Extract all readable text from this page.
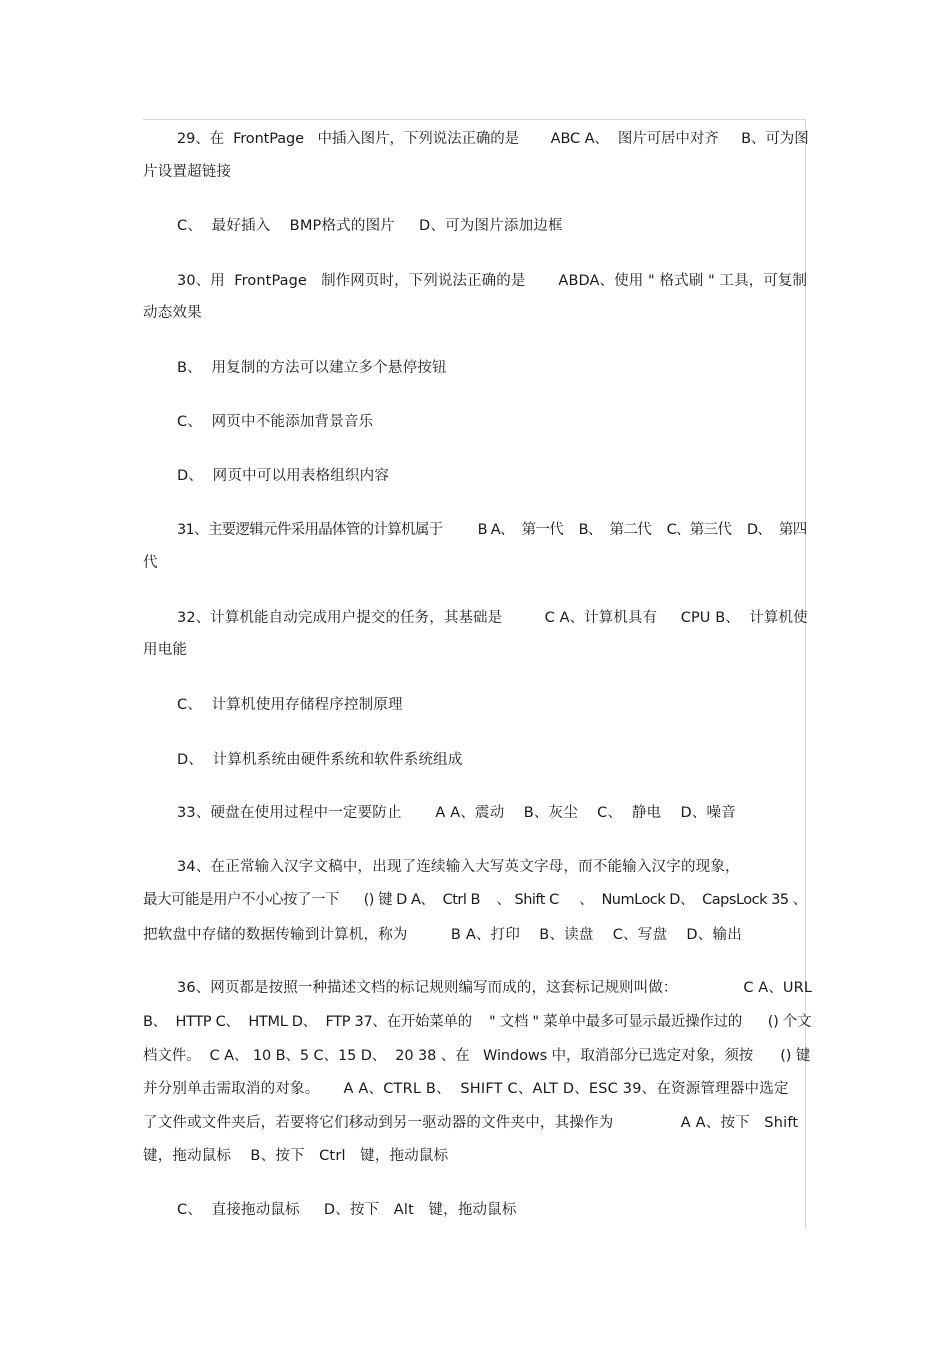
29、在  FrontPage   中插入图片，下列说法正确的是       ABC A、  图片可居中对齐     B、可为图
片设置超链接
C、  最好插入    BMP格式的图片     D、可为图片添加边框
30、用  FrontPage   制作网页时，下列说法正确的是       ABDA、使用 " 格式刷 " 工具，可复制
动态效果
B、  用复制的方法可以建立多个悬停按钮
C、  网页中不能添加背景音乐
D、  网页中可以用表格组织内容
31、主要逻辑元件采用晶体管的计算机属于         B A、  第一代    B、  第二代    C、第三代    D、  第四
代
32、计算机能自动完成用户提交的任务，其基础是         C A、计算机具有     CPU B、  计算机使
用电能
C、  计算机使用存储程序控制原理
D、  计算机系统由硬件系统和软件系统组成
33、硬盘在使用过程中一定要防止       A A、震动    B、灰尘    C、  静电    D、噪音
34、在正常输入汉字文稿中，出现了连续输入大写英文字母，而不能输入汉字的现象，
最大可能是用户不小心按了一下      () 键 D A、  Ctrl B    、 Shift C     、  NumLock D、  CapsLock 35 、
把软盘中存储的数据传输到计算机，称为         B A、打印    B、读盘    C、写盘    D、输出
36、网页都是按照一种描述文档的标记规则编写而成的，这套标记规则叫做：              C A、URL
B、  HTTP C、  HTML D、  FTP 37、在开始菜单的    " 文档 " 菜单中最多可显示最近操作过的      () 个文
档文件。  C A、 10 B、5 C、15 D、  20 38 、在   Windows 中，取消部分已选定对象，须按      () 键
并分别单击需取消的对象。     A A、CTRL B、  SHIFT C、ALT D、ESC 39、在资源管理器中选定
了文件或文件夹后，若要将它们移动到另一驱动器的文件夹中，其操作为              A A、按下   Shift
键，拖动鼠标    B、按下   Ctrl   键，拖动鼠标
C、  直接拖动鼠标     D、按下   Alt   键，拖动鼠标
